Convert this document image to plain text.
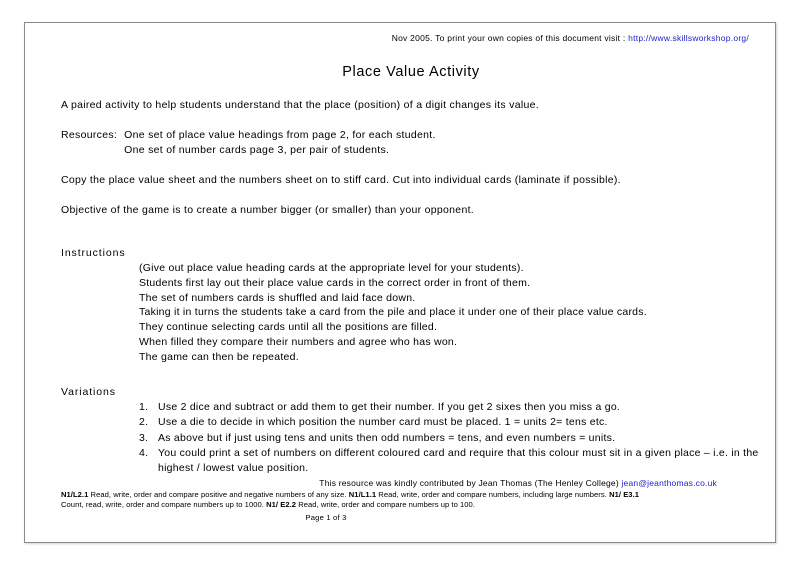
Nov 2005. To print your own copies of this document visit : http://www.skillsworkshop.org/
Place Value Activity

A paired activity to help students understand that the place (position) of a digit changes its value.

Resources: One set of place value headings from page 2, for each student.
One set of number cards page 3, per pair of students.

Copy the place value sheet and the numbers sheet on to stiff card. Cut into individual cards (laminate if possible).

Objective of the game is to create a number bigger (or smaller) than your opponent.

Instructions
(Give out place value heading cards at the appropriate level for your students).
Students first lay out their place value cards in the correct order in front of them.
The set of numbers cards is shuffled and laid face down.
Taking it in turns the students take a card from the pile and place it under one of their place value cards.
They continue selecting cards until all the positions are filled.
When filled they compare their numbers and agree who has won.
The game can then be repeated.
Variations
1. Use 2 dice and subtract or add them to get their number. If you get 2 sixes then you miss a go.
2. Use a die to decide in which position the number card must be placed. 1 = units 2= tens etc.
3. As above but if just using tens and units then odd numbers = tens, and even numbers = units.
4. You could print a set of numbers on different coloured card and require that this colour must sit in a given place – i.e. in the highest / lowest value position.
This resource was kindly contributed by Jean Thomas (The Henley College) jean@jeanthomas.co.uk
N1/L2.1 Read, write, order and compare positive and negative numbers of any size. N1/L1.1 Read, write, order and compare numbers, including large numbers. N1/ E3.1
Count, read, write, order and compare numbers up to 1000. N1/ E2.2 Read, write, order and compare numbers up to 100.
Page 1 of 3
